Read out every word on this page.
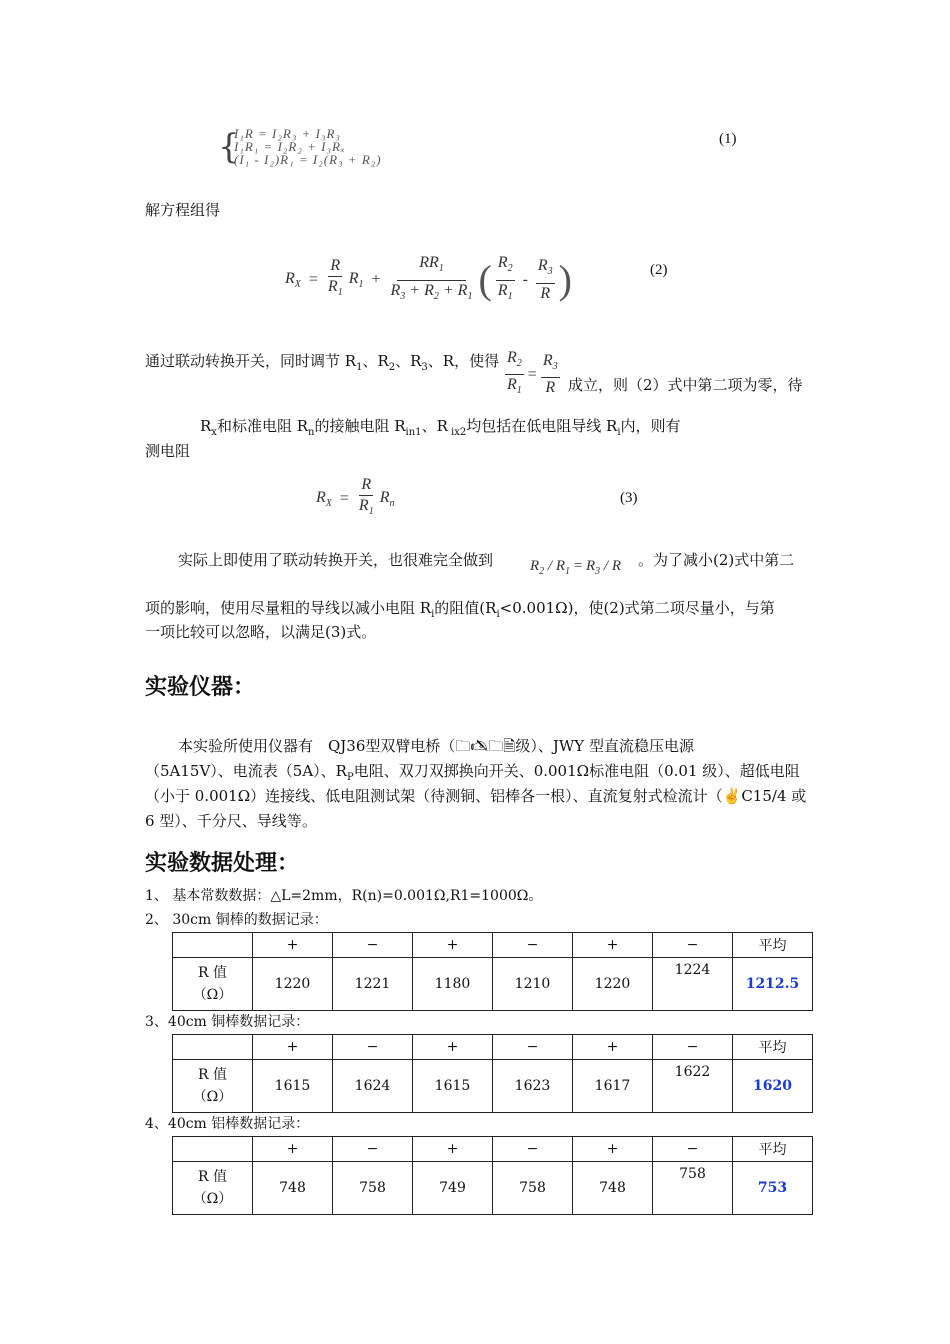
{
I₁R = I₂R₃ + I₃R₃
I₁R₁ = I₂R₂ + I₃Rₓ
(I₁ - I₂)R₁ = I₂(R₃ + R₂)
(1)
解方程组得
$R_X = \frac{R}{R_1} R_1 + \frac{RR_1}{R_3 + R_2 + R_1}$ ( $\frac{R_2}{R_1} - \frac{R_3}{R}$ )	(2)
通过联动转换开关，同时调节 $R_1$、$R_2$、$R_3$、R，使得 $\frac{R_2}{R_1} = \frac{R_3}{R}$ 成立，则（2）式中第二项为零，待
$R_x$和标准电阻 $R_n$的接触电阻 $R_{in1}$、R $_{ix2}$均包括在低电阻导线 $R_i$内，则有
测电阻
$R_X = \frac{R}{R_1} R_n$	(3)
实际上即使用了联动转换开关，也很难完全做到 $R_2 / R_1 = R_3 / R$ 。为了减小(2)式中第二
项的影响，使用尽量粗的导线以减小电阻 $R_i$的阻值$(R_i<0.001\Omega)$，使(2)式第二项尽量小，与第
一项比较可以忽略，以满足(3)式。
实验仪器：
本实验所使用仪器有　QJ36型双臂电桥（🗀🖎🗀🗎级）、JWY 型直流稳压电源
（5A15V）、电流表（5A）、$R_P$电阻、双刀双掷换向开关、0.001Ω标准电阻（0.01 级）、超低电阻
（小于 0.001Ω）连接线、低电阻测试架（待测铜、铝棒各一根）、直流复射式检流计（✌C15/4 或
6 型）、千分尺、导线等。
实验数据处理：
1、 基本常数数据：△L=2mm，R(n)=0.001Ω,R1=1000Ω。
2、 30cm 铜棒的数据记录：
	+	−	+	−	+	−	平均

R 值
（Ω）	1220	1221	1180	1210	1220	1224	1212.5
3、40cm 铜棒数据记录：
	+	−	+	−	+	−	平均

R 值
（Ω）	1615	1624	1615	1623	1617	1622	1620
4、40cm 铝棒数据记录：
	+	−	+	−	+	−	平均

R 值
（Ω）	748	758	749	758	748	758	753
